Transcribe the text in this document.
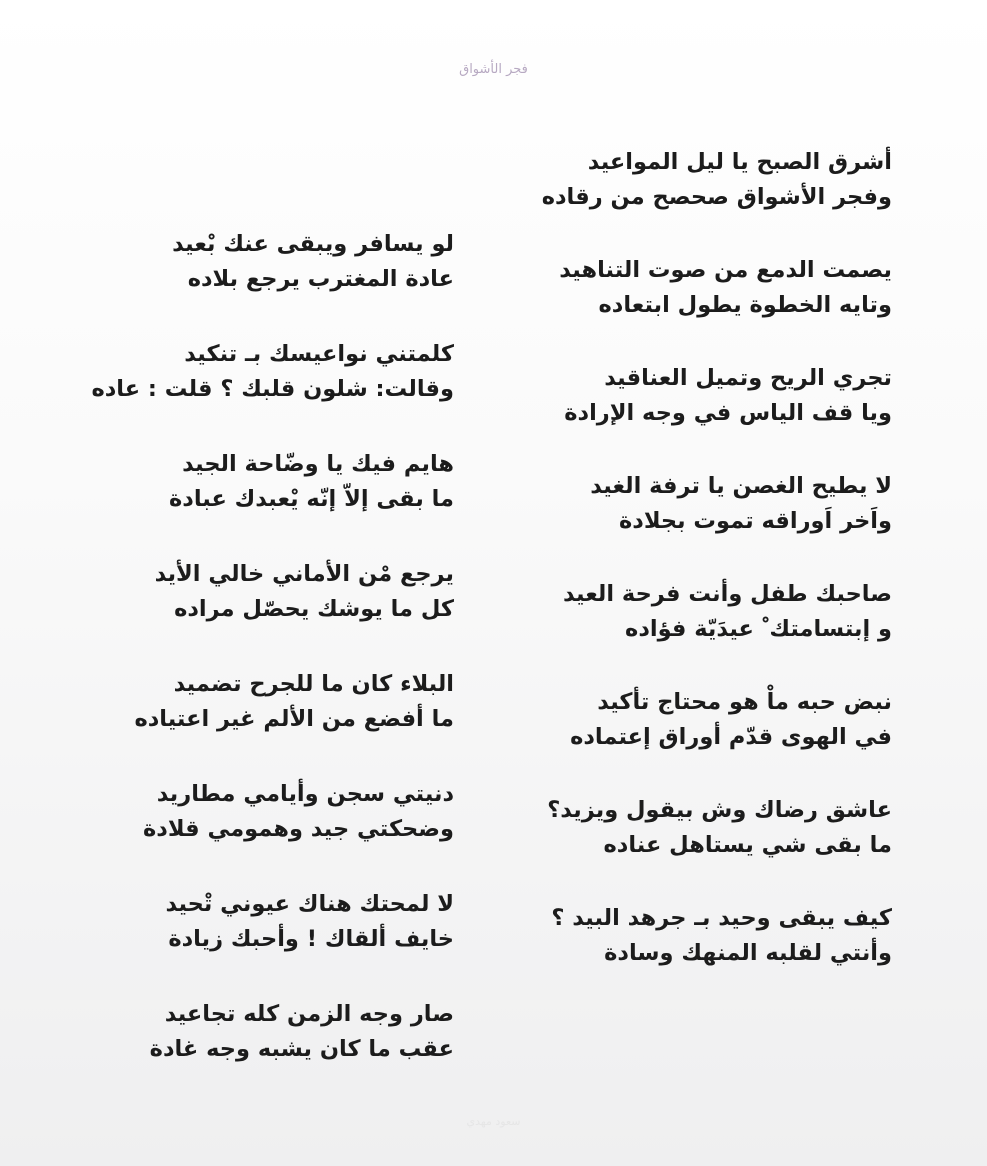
فجر الأشواق
أشرق الصبح يا ليل المواعيد
وفجر الأشواق صحصح من رقاده
يصمت الدمع من صوت التناهيد
وتايه الخطوة يطول ابتعاده
تجري الريح وتميل العناقيد
ويا قف الياس في وجه الإرادة
لا يطيح الغصن يا ترفة الغيد
واَخر اَوراقه تموت بجلادة
صاحبك طفل وأنت فرحة العيد
و إبتسامتك ْ عيدَيّة فؤاده
نبض حبه ماْ هو محتاج تأكيد
في الهوى قدّم أوراق إعتماده
عاشق رضاك وش بيقول ويزيد؟
ما بقى شي يستاهل عناده
كيف يبقى وحيد بـ جرهد البيد ؟
وأنتي لقلبه المنهك وسادة
لو يسافر ويبقى عنك بْعيد
عادة المغترب يرجع بلاده
كلمتني نواعيسك بـ تنكيد
وقالت: شلون قلبك ؟ قلت : عاده
هايم فيك يا وضّاحة الجيد
ما بقى إلاّ إنّه يْعبدك عبادة
يرجع مْن الأماني خالي الأيد
كل ما يوشك يحصّل مراده
البلاء كان ما للجرح تضميد
ما أفضع من الألم غير اعتياده
دنيتي سجن وأيامي مطاريد
وضحكتي جيد وهمومي قلادة
لا لمحتك هناك عيوني تْحيد
خايف ألقاك ! وأحبك زيادة
صار وجه الزمن كله تجاعيد
عقب ما كان يشبه وجه غادة
سعود مهدي
